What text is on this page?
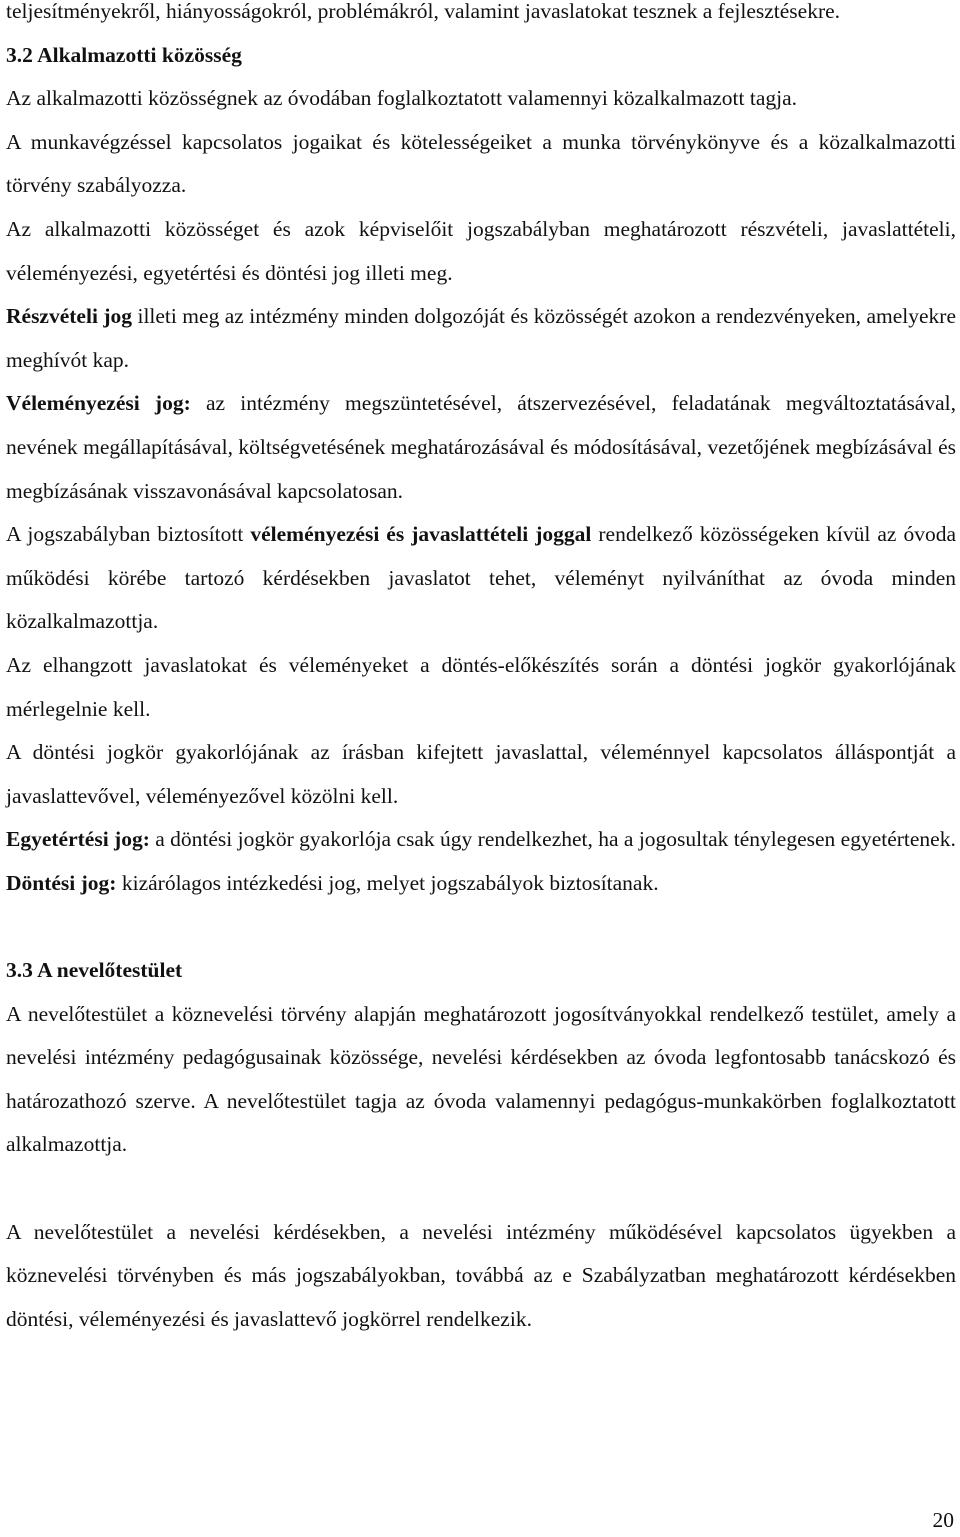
teljesítményekről, hiányosságokról, problémákról, valamint javaslatokat tesznek a fejlesztésekre.

3.2 Alkalmazotti közösség

Az alkalmazotti közösségnek az óvodában foglalkoztatott valamennyi közalkalmazott tagja.

A munkavégzéssel kapcsolatos jogaikat és kötelességeiket a munka törvénykönyve és a közalkalmazotti törvény szabályozza.

Az alkalmazotti közösséget és azok képviselőit jogszabályban meghatározott részvételi, javaslattételi, véleményezési, egyetértési és döntési jog illeti meg.

Részvételi jog illeti meg az intézmény minden dolgozóját és közösségét azokon a rendezvényeken, amelyekre meghívót kap.

Véleményezési jog: az intézmény megszüntetésével, átszervezésével, feladatának megváltoztatásával, nevének megállapításával, költségvetésének meghatározásával és módosításával, vezetőjének megbízásával és megbízásának visszavonásával kapcsolatosan.

A jogszabályban biztosított véleményezési és javaslattételi joggal rendelkező közösségeken kívül az óvoda működési körébe tartozó kérdésekben javaslatot tehet, véleményt nyilváníthat az óvoda minden közalkalmazottja.

Az elhangzott javaslatokat és véleményeket a döntés-előkészítés során a döntési jogkör gyakorlójának mérlegelnie kell.

A döntési jogkör gyakorlójának az írásban kifejtett javaslattal, véleménnyel kapcsolatos álláspontját a javaslattevővel, véleményezővel közölni kell.

Egyetértési jog: a döntési jogkör gyakorlója csak úgy rendelkezhet, ha a jogosultak ténylegesen egyetértenek.

Döntési jog: kizárólagos intézkedési jog, melyet jogszabályok biztosítanak.

3.3 A nevelőtestület

A nevelőtestület a köznevelési törvény alapján meghatározott jogosítványokkal rendelkező testület, amely a nevelési intézmény pedagógusainak közössége, nevelési kérdésekben az óvoda legfontosabb tanácskozó és határozathozó szerve. A nevelőtestület tagja az óvoda valamennyi pedagógus-munkakörben foglalkoztatott alkalmazottja.

A nevelőtestület a nevelési kérdésekben, a nevelési intézmény működésével kapcsolatos ügyekben a köznevelési törvényben és más jogszabályokban, továbbá az e Szabályzatban meghatározott kérdésekben döntési, véleményezési és javaslattevő jogkörrel rendelkezik.

20
